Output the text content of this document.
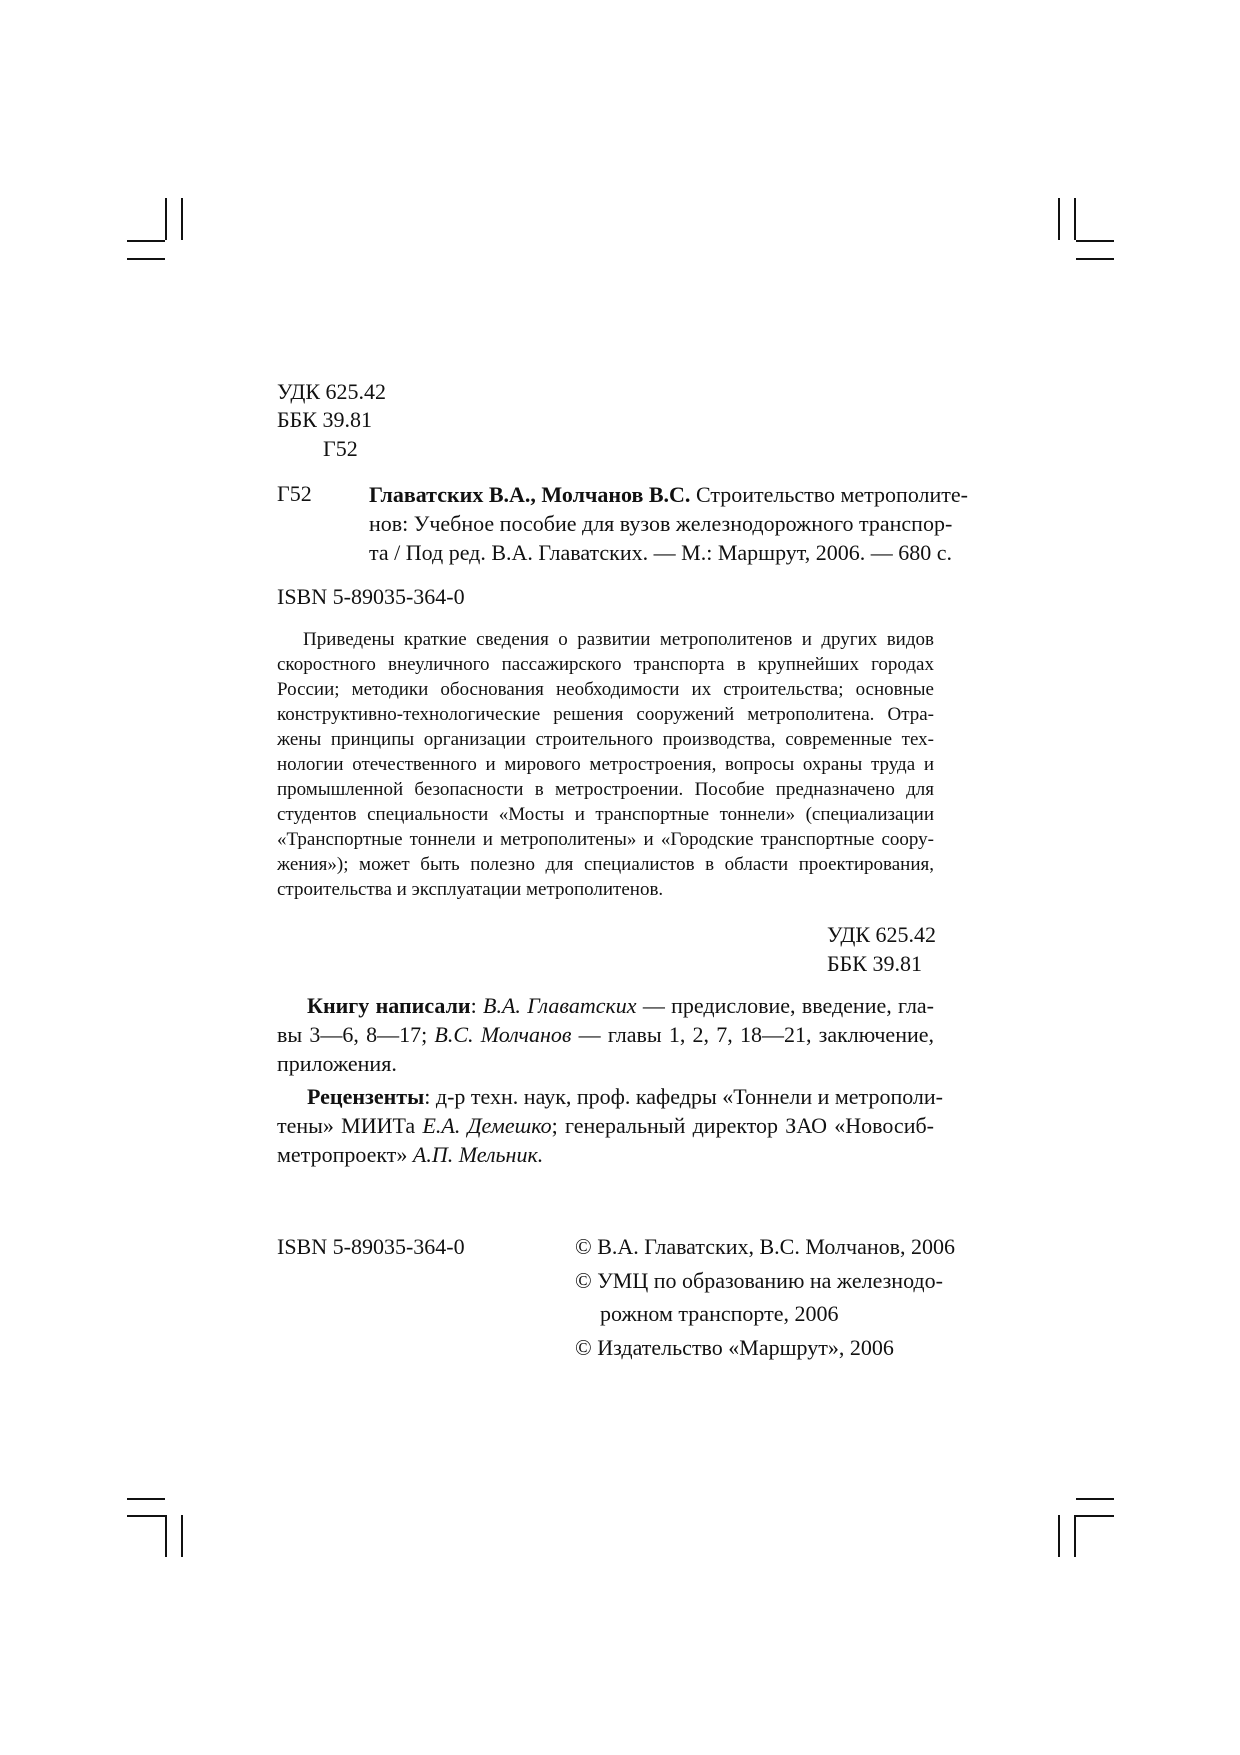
УДК 625.42
ББК 39.81
Г52
Г52	Главатских В.А., Молчанов В.С. Строительство метрополите-
нов: Учебное пособие для вузов железнодорожного транспор-
та / Под ред. В.А. Главатских. — М.: Маршрут, 2006. — 680 с.
ISBN 5-89035-364-0
Приведены краткие сведения о развитии метрополитенов и других видов
скоростного внеуличного пассажирского транспорта в крупнейших городах
России; методики обоснования необходимости их строительства; основные
конструктивно-технологические решения сооружений метрополитена. Отра-
жены принципы организации строительного производства, современные тех-
нологии отечественного и мирового метростроения, вопросы охраны труда и
промышленной безопасности в метростроении. Пособие предназначено для
студентов специальности «Мосты и транспортные тоннели» (специализации
«Транспортные тоннели и метрополитены» и «Городские транспортные соору-
жения»); может быть полезно для специалистов в области проектирования,
строительства и эксплуатации метрополитенов.
УДК 625.42
ББК 39.81
Книгу написали: В.А. Главатских — предисловие, введение, гла-
вы 3—6, 8—17; В.С. Молчанов — главы 1, 2, 7, 18—21, заключение,
приложения.
Рецензенты: д-р техн. наук, проф. кафедры «Тоннели и метрополи-
тены» МИИТа Е.А. Демешко; генеральный директор ЗАО «Новосиб-
метропроект» А.П. Мельник.
ISBN 5-89035-364-0	© В.А. Главатских, В.С. Молчанов, 2006
© УМЦ по образованию на железнодо-
рожном транспорте, 2006
© Издательство «Маршрут», 2006
